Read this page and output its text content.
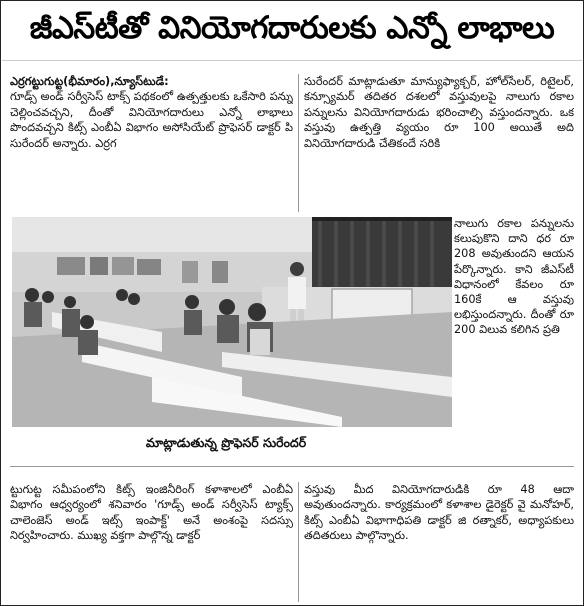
జీఎస్‌టీతో వినియోగదారులకు ఎన్నో లాభాలు

ఎర్రగట్టుగుట్ట(భీమారం),న్యూస్‌టుడే:

గూడ్స్ అండ్ సర్వీసెస్ టాక్స్ పథకంలో ఉత్పత్తులకు ఒకేసారి పన్ను చెల్లించవచ్చని, దీంతో వినియోగదారులు ఎన్నో లాభాలు పొందవచ్చని కిట్స్ ఎంబీఏ విభాగం అసోసియేట్ ప్రొఫెసర్ డాక్టర్ పి సురేందర్ అన్నారు. ఎర్రగ

సురేందర్ మాట్లాడుతూ మాన్యుఫ్యాక్చర్, హోల్‌సేలర్, రిటైలర్, కన్స్యూమర్ తదితర దశలలో వస్తువులపై నాలుగు రకాల పన్నులను వినియోగదారుడు భరించాల్సి వస్తుందన్నారు. ఒక వస్తువు ఉత్పత్తి వ్యయం రూ 100 అయితే అది వినియోగదారుడి చేతికందే సరికి

మాట్లాడుతున్న ప్రొఫెసర్ సురేందర్

నాలుగు రకాల పన్నులను కలుపుకొని దాని ధర రూ 208 అవుతుందని ఆయన పేర్కొన్నారు. కాని జీఎస్‌టీ విధానంలో కేవలం రూ 160కే ఆ వస్తువు లభిస్తుందన్నారు. దీంతో రూ 200 విలువ కలిగిన ప్రతి

ట్టుగుట్ట సమీపంలోని కిట్స్ ఇంజినీరింగ్ కళాశాలలో ఎంబీఏ విభాగం ఆధ్వర్యంలో శనివారం 'గూడ్స్ అండ్ సర్వీసెస్ ట్యాక్స్ చాలెంజెస్ అండ్ ఇట్స్ ఇంపాక్ట్' అనే అంశంపై సదస్సు నిర్వహించారు. ముఖ్య వక్తగా పాల్గొన్న డాక్టర్

వస్తువు మీద వినియోగదారుడికి రూ 48 ఆదా అవుతుందన్నారు. కార్యక్రమంలో కళాశాల డైరెక్టర్ వై మనోహర్, కిట్స్ ఎంబీఏ విభాగాధిపతి డాక్టర్ జి రత్నాకర్, అధ్యాపకులు తదితరులు పాల్గొన్నారు.
